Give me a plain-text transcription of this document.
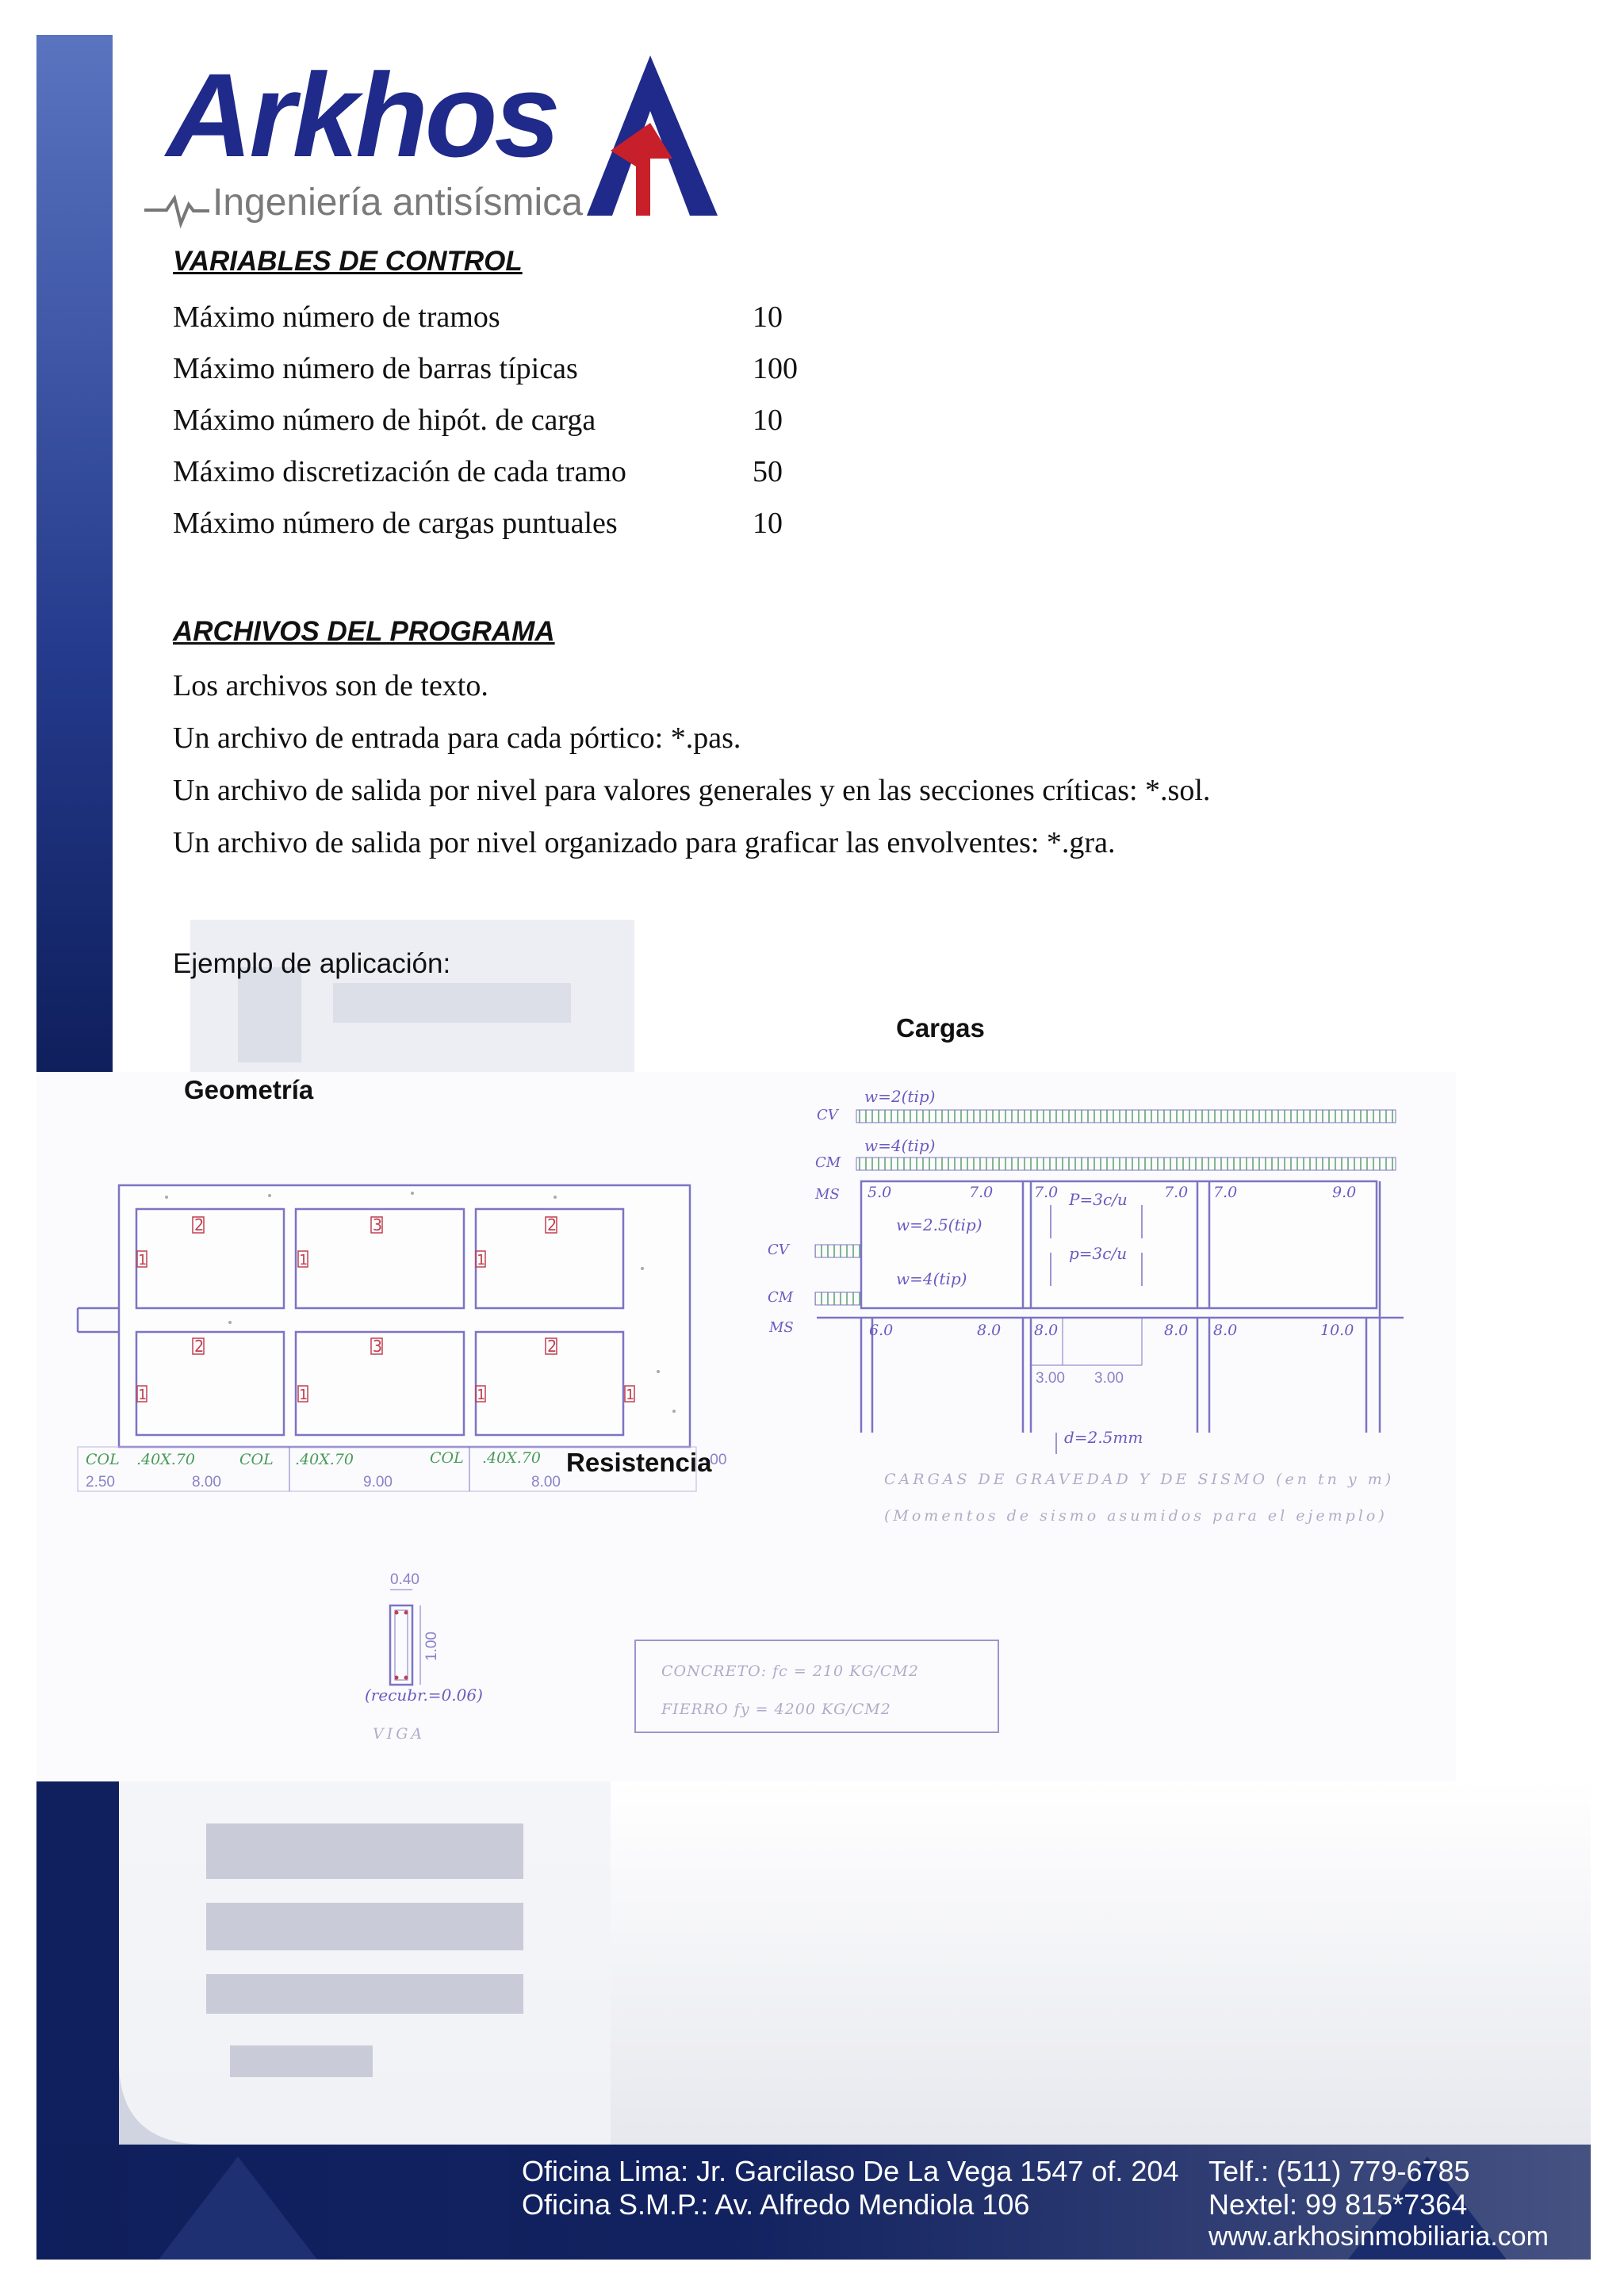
Arkhos
Ingeniería antisísmica
VARIABLES DE CONTROL
Máximo número de tramos	10
Máximo número de barras típicas	100
Máximo número de hipót. de carga	10
Máximo discretización de cada tramo	50
Máximo número de cargas puntuales	10
ARCHIVOS DEL PROGRAMA
Los archivos son de texto.
Un archivo de entrada para cada pórtico: *.pas.
Un archivo de salida por nivel para valores generales y en las secciones críticas: *.sol.
Un archivo de salida por nivel organizado para graficar las envolventes: *.gra.
Ejemplo de aplicación:
Cargas
Geometría
2	3	2
2	3	2
1	1	1
1	1	1	1
COL .40X.70	COL .40X.70	COL .40X.70
2.50	8.00	9.00	8.00
.00
Resistencia
CV
CM
MS
w=2(tip)
w=4(tip)
w=2.5(tip)
w=4(tip)
P=3c/u
p=3c/u
CV
CM
MS
5.0	7.0	7.0	7.0 7.0	9.0
6.0	8.0 8.0	8.0 8.0	10.0
3.00 3.00
d=2.5mm
CARGAS DE GRAVEDAD Y DE SISMO (en tn y m)
(Momentos de sismo asumidos para el ejemplo)
0.40
1.00
(recubr.=0.06)
VIGA
CONCRETO: fc = 210 KG/CM2
FIERRO fy = 4200 KG/CM2
Oficina Lima: Jr. Garcilaso De La Vega 1547 of. 204
Oficina S.M.P.: Av. Alfredo Mendiola 106
Telf.: (511) 779-6785
Nextel: 99 815*7364
www.arkhosinmobiliaria.com
